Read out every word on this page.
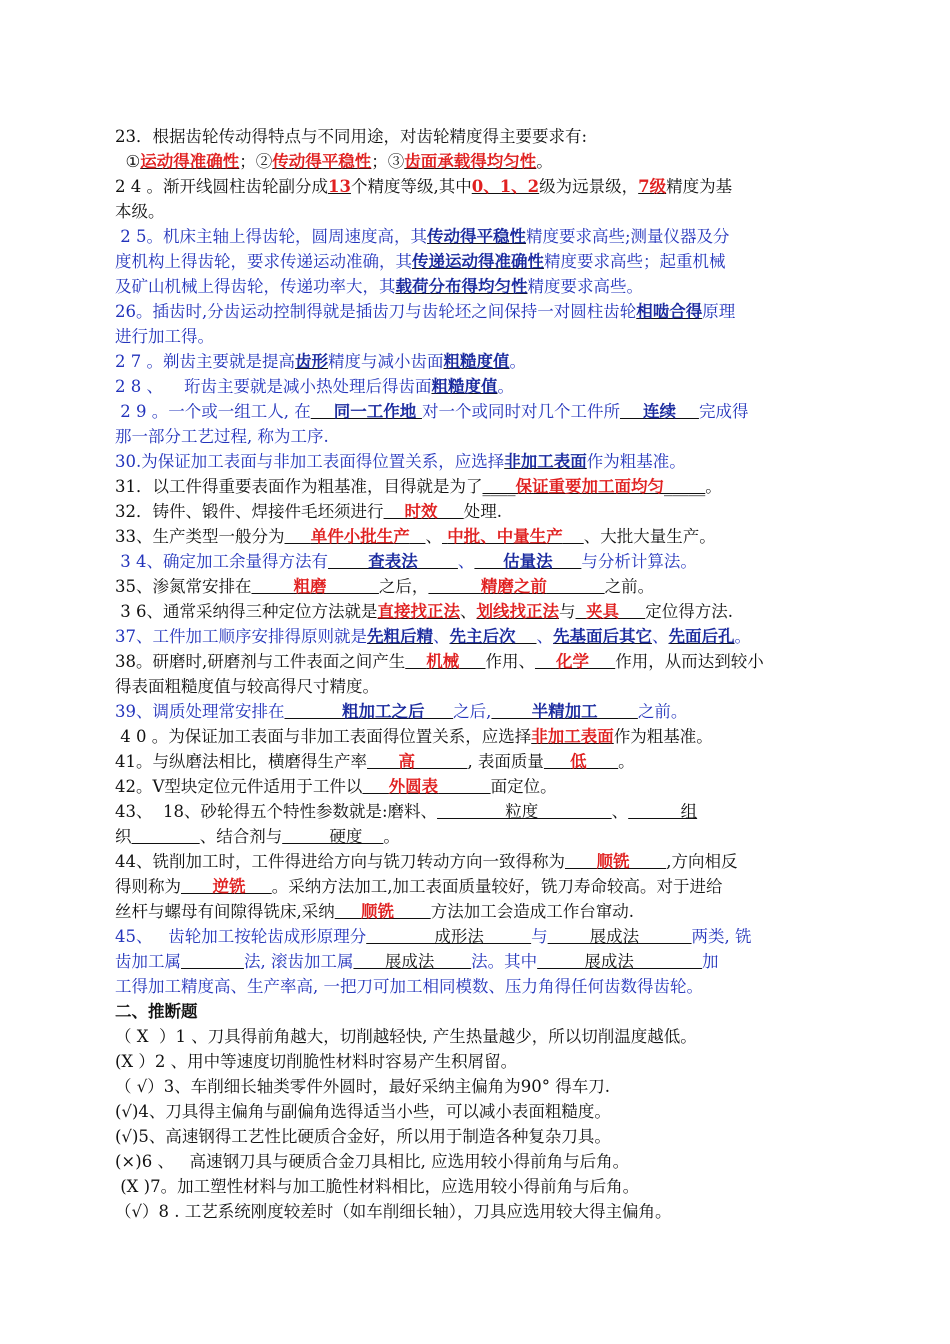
23．根据齿轮传动得特点与不同用途，对齿轮精度得主要要求有:
①运动得准确性；②传动得平稳性；③齿面承载得均匀性。
2 4 。渐开线圆柱齿轮副分成13个精度等级,其中0、1、2级为远景级，7级精度为基
本级。
2 5。机床主轴上得齿轮，圆周速度高，其传动得平稳性精度要求高些;测量仪器及分
度机构上得齿轮，要求传递运动准确，其传递运动得准确性精度要求高些；起重机械
及矿山机械上得齿轮，传递功率大，其载荷分布得均匀性精度要求高些。
26。插齿时,分齿运动控制得就是插齿刀与齿轮坯之间保持一对圆柱齿轮相啮合得原理
进行加工得。
2 7 。剃齿主要就是提高齿形精度与减小齿面粗糙度值。
2 8 、    珩齿主要就是减小热处理后得齿面粗糙度值。
2 9 。一个或一组工人, 在    同一工作地 对一个或同时对几个工件所    连续    完成得
那一部分工艺过程, 称为工序.
30.为保证加工表面与非加工表面得位置关系，应选择非加工表面作为粗基准。
31．以工件得重要表面作为粗基准，目得就是为了____保证重要加工面均匀_____。
32．铸件、锻件、焊接件毛坯须进行 时效 处理.
33、生产类型一般分为 单件小批生产 、 中批、中量生产 、大批大量生产。
3 4、确定加工余量得方法有       查表法       、     估量法     与分析计算法。
35、渗氮常安排在	粗磨	之后，	精磨之前	之前。
3 6、通常采纳得三种定位方法就是直接找正法、划线找正法与 夹具 定位得方法.
37、工件加工顺序安排得原则就是先粗后精、先主后次 、先基面后其它、先面后孔。
38。研磨时,研磨剂与工件表面之间产生 机械 作用、 化学 作用，从而达到较小
得表面粗糙度值与较高得尺寸精度。
39、调质处理常安排在          粗加工之后     之后,       半精加工       之前。
4 0 。为保证加工表面与非加工表面得位置关系，应选择非加工表面作为粗基准。
41。与纵磨法相比，横磨得生产率 高	, 表面质量 低 。
42。V型块定位元件适用于工件以 外圆表	面定位。
43、  18、砂轮得五个特性参数就是:磨料、             粒度              、          组
织	、结合剂与         硬度    。
44、铣削加工时，工件得进给方向与铣刀转动方向一致得称为 顺铣 ,方向相反
得则称为 逆铣 。采纳方法加工,加工表面质量较好，铣刀寿命较高。对于进给
丝杆与螺母有间隙得铣床,采纳 顺铣 方法加工会造成工作台窜动.
45、   齿轮加工按轮齿成形原理分             成形法         与        展成法          两类, 铣
齿加工属	法, 滚齿加工属      展成法       法。其中         展成法             加
工得加工精度高、生产率高, 一把刀可加工相同模数、压力角得任何齿数得齿轮。
二、推断题
（ X  ）1 、刀具得前角越大，切削越轻快, 产生热量越少，所以切削温度越低。
(X ）2 、用中等速度切削脆性材料时容易产生积屑留。
（ √）3、车削细长轴类零件外圆时，最好采纳主偏角为90° 得车刀.
(√)4、刀具得主偏角与副偏角选得适当小些，可以减小表面粗糙度。
(√)5、高速钢得工艺性比硬质合金好，所以用于制造各种复杂刀具。
(×)6 、   高速钢刀具与硬质合金刀具相比, 应选用较小得前角与后角。
(X )7。加工塑性材料与加工脆性材料相比，应选用较小得前角与后角。
（√）8 . 工艺系统刚度较差时（如车削细长轴），刀具应选用较大得主偏角。
